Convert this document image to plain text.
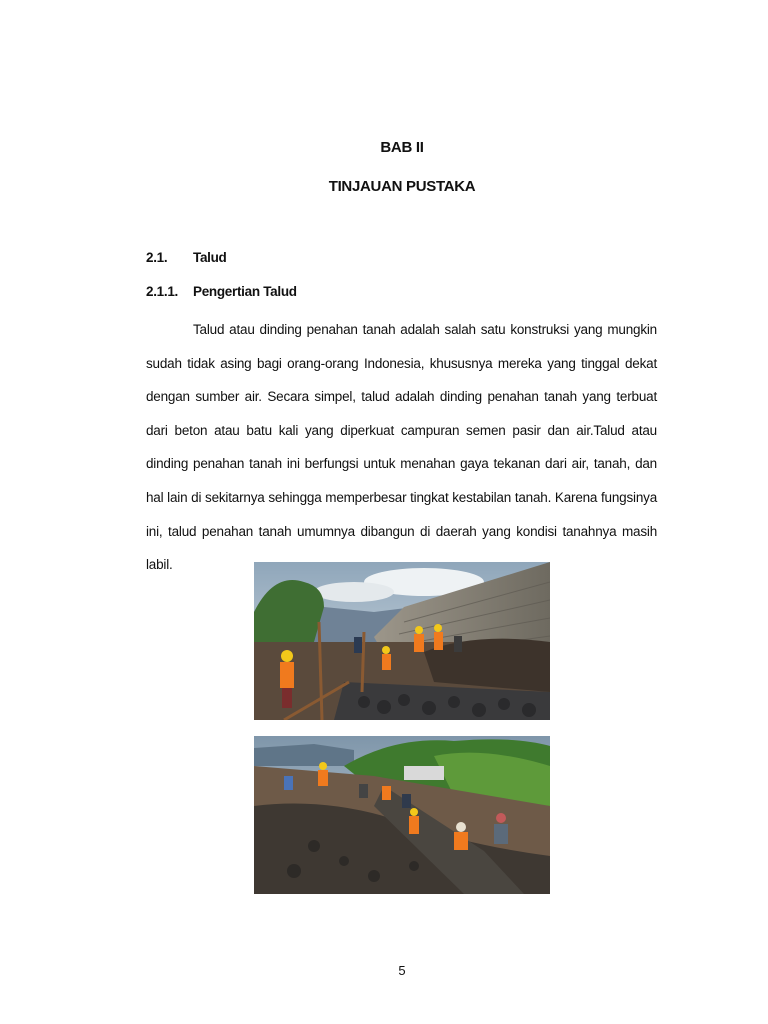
BAB II
TINJAUAN PUSTAKA
2.1. Talud
2.1.1. Pengertian Talud

Talud atau dinding penahan tanah adalah salah satu konstruksi yang mungkin sudah tidak asing bagi orang-orang Indonesia, khususnya mereka yang tinggal dekat dengan sumber air. Secara simpel, talud adalah dinding penahan tanah yang terbuat dari beton atau batu kali yang diperkuat campuran semen pasir dan air.Talud atau dinding penahan tanah ini berfungsi untuk menahan gaya tekanan dari air, tanah, dan hal lain di sekitarnya sehingga memperbesar tingkat kestabilan tanah. Karena fungsinya ini, talud penahan tanah umumnya dibangun di daerah yang kondisi tanahnya masih labil.

5
